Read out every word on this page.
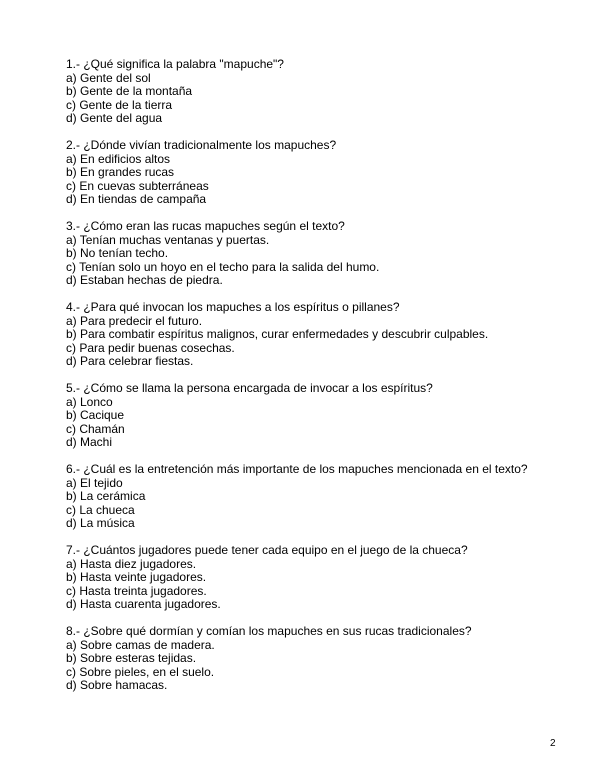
1.- ¿Qué significa la palabra "mapuche"?
a) Gente del sol
b) Gente de la montaña
c) Gente de la tierra
d) Gente del agua
2.- ¿Dónde vivían tradicionalmente los mapuches?
a) En edificios altos
b) En grandes rucas
c) En cuevas subterráneas
d) En tiendas de campaña
3.- ¿Cómo eran las rucas mapuches según el texto?
a) Tenían muchas ventanas y puertas.
b) No tenían techo.
c) Tenían solo un hoyo en el techo para la salida del humo.
d) Estaban hechas de piedra.
4.- ¿Para qué invocan los mapuches a los espíritus o pillanes?
a) Para predecir el futuro.
b) Para combatir espíritus malignos, curar enfermedades y descubrir culpables.
c) Para pedir buenas cosechas.
d) Para celebrar fiestas.
5.- ¿Cómo se llama la persona encargada de invocar a los espíritus?
a) Lonco
b) Cacique
c) Chamán
d) Machi
6.- ¿Cuál es la entretención más importante de los mapuches mencionada en el texto?
a) El tejido
b) La cerámica
c) La chueca
d) La música
7.- ¿Cuántos jugadores puede tener cada equipo en el juego de la chueca?
a) Hasta diez jugadores.
b) Hasta veinte jugadores.
c) Hasta treinta jugadores.
d) Hasta cuarenta jugadores.
8.- ¿Sobre qué dormían y comían los mapuches en sus rucas tradicionales?
a) Sobre camas de madera.
b) Sobre esteras tejidas.
c) Sobre pieles, en el suelo.
d) Sobre hamacas.
2
